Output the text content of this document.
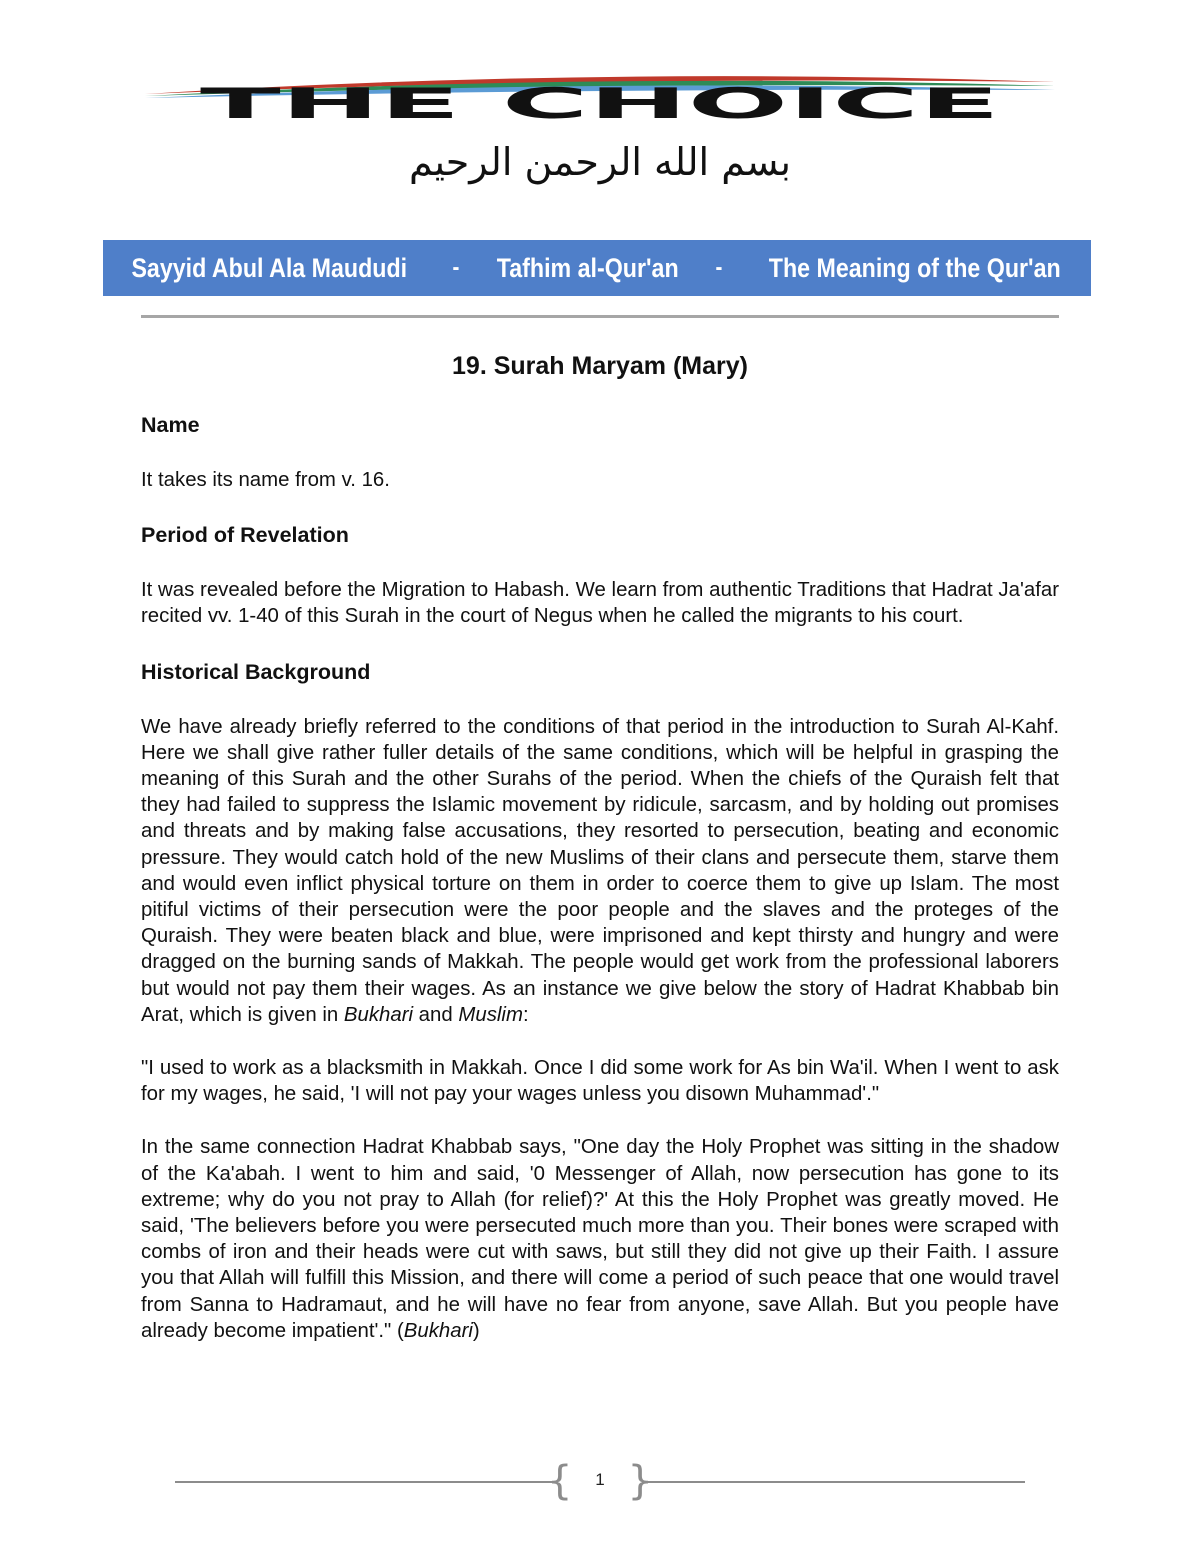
THE CHOICE
بسم الله الرحمن الرحيم
Sayyid Abul Ala Maududi - Tafhim al-Qur'an - The Meaning of the Qur'an
19. Surah Maryam (Mary)
Name

It takes its name from v. 16.

Period of Revelation

It was revealed before the Migration to Habash. We learn from authentic Traditions that Hadrat Ja'afar recited vv. 1-40 of this Surah in the court of Negus when he called the migrants to his court.

Historical Background

We have already briefly referred to the conditions of that period in the introduction to Surah Al-Kahf. Here we shall give rather fuller details of the same conditions, which will be helpful in grasping the meaning of this Surah and the other Surahs of the period. When the chiefs of the Quraish felt that they had failed to suppress the Islamic movement by ridicule, sarcasm, and by holding out promises and threats and by making false accusations, they resorted to persecution, beating and economic pressure. They would catch hold of the new Muslims of their clans and persecute them, starve them and would even inflict physical torture on them in order to coerce them to give up Islam. The most pitiful victims of their persecution were the poor people and the slaves and the proteges of the Quraish. They were beaten black and blue, were imprisoned and kept thirsty and hungry and were dragged on the burning sands of Makkah. The people would get work from the professional laborers but would not pay them their wages. As an instance we give below the story of Hadrat Khabbab bin Arat, which is given in Bukhari and Muslim:

"I used to work as a blacksmith in Makkah. Once I did some work for As bin Wa'il. When I went to ask for my wages, he said, 'I will not pay your wages unless you disown Muhammad'."

In the same connection Hadrat Khabbab says, "One day the Holy Prophet was sitting in the shadow of the Ka'abah. I went to him and said, '0 Messenger of Allah, now persecution has gone to its extreme; why do you not pray to Allah (for relief)?' At this the Holy Prophet was greatly moved. He said, 'The believers before you were persecuted much more than you. Their bones were scraped with combs of iron and their heads were cut with saws, but still they did not give up their Faith. I assure you that Allah will fulfill this Mission, and there will come a period of such peace that one would travel from Sanna to Hadramaut, and he will have no fear from anyone, save Allah. But you people have already become impatient'." (Bukhari)

{ }
1
